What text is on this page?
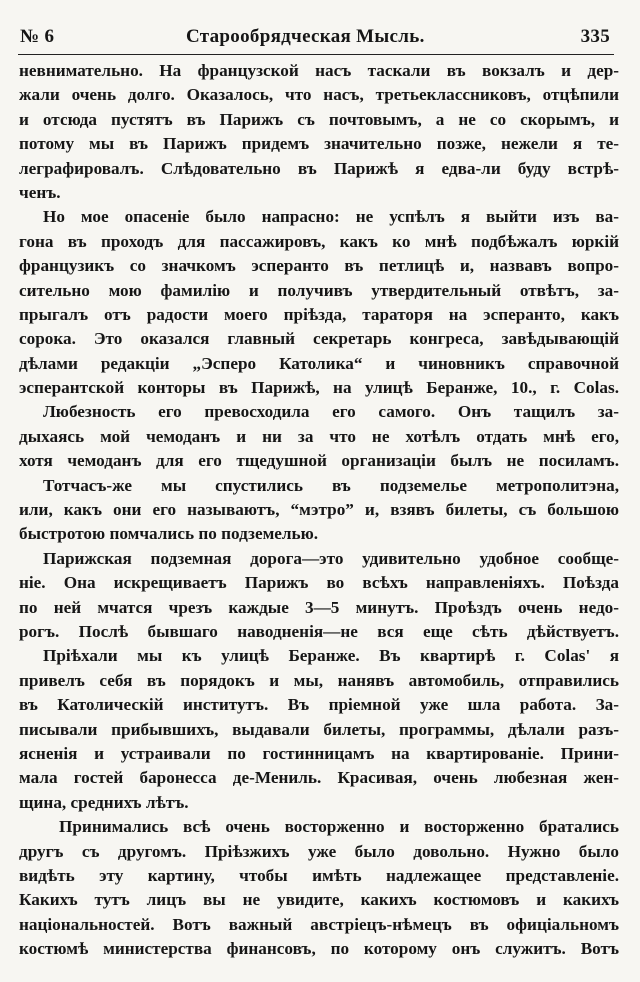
№ 6	Старообрядческая Мысль.	335
невнимательно. На французской насъ таскали въ вокзалъ и дер-
жали очень долго. Оказалось, что насъ, третьеклассниковъ, отцѣпили
и отсюда пустятъ въ Парижъ съ почтовымъ, а не со скорымъ, и
потому мы въ Парижъ придемъ значительно позже, нежели я те-
леграфировалъ. Слѣдовательно въ Парижѣ я едва-ли буду встрѣ-
ченъ.
Но мое опасеніе было напрасно: не успѣлъ я выйти изъ ва-
гона въ проходъ для пассажировъ, какъ ко мнѣ подбѣжалъ юркій
французикъ со значкомъ эсперанто въ петлицѣ и, назвавъ вопро-
сительно мою фамилію и получивъ утвердительный отвѣтъ, за-
прыгалъ отъ радости моего пріѣзда, тараторя на эсперанто, какъ
сорока. Это оказался главный секретарь конгреса, завѣдывающій
дѣлами редакціи „Эсперо Католика“ и чиновникъ справочной
эсперантской конторы въ Парижѣ, на улицѣ Беранже, 10., г. Colas.
Любезность его превосходила его самого. Онъ тащилъ за-
дыхаясь мой чемоданъ и ни за что не хотѣлъ отдать мнѣ его,
хотя чемоданъ для его тщедушной организаціи былъ не посиламъ.
Тотчасъ-же мы спустились въ подземелье метрополитэна,
или, какъ они его называютъ, “мэтро” и, взявъ билеты, съ большою
быстротою помчались по подземелью.
Парижская подземная дорога—это удивительно удобное сообще-
ніе. Она искрещиваетъ Парижъ во всѣхъ направленіяхъ. Поѣзда
по ней мчатся чрезъ каждые 3—5 минутъ. Проѣздъ очень недо-
рогъ. Послѣ бывшаго наводненія—не вся еще сѣть дѣйствуетъ.
Пріѣхали мы къ улицѣ Беранже. Въ квартирѣ г. Colas' я
привелъ себя въ порядокъ и мы, нанявъ автомобиль, отправились
въ Католическій институтъ. Въ пріемной уже шла работа. За-
писывали прибывшихъ, выдавали билеты, программы, дѣлали разъ-
ясненія и устраивали по гостинницамъ на квартированіе. Прини-
мала гостей баронесса де-Мениль. Красивая, очень любезная жен-
щина, среднихъ лѣтъ.
Принимались всѣ очень восторженно и восторженно братались
другъ съ другомъ. Пріѣзжихъ уже было довольно. Нужно было
видѣть эту картину, чтобы имѣть надлежащее представленіе.
Какихъ тутъ лицъ вы не увидите, какихъ костюмовъ и какихъ
національностей. Вотъ важный австріецъ-нѣмецъ въ офиціальномъ
костюмѣ министерства финансовъ, по которому онъ служитъ. Вотъ
